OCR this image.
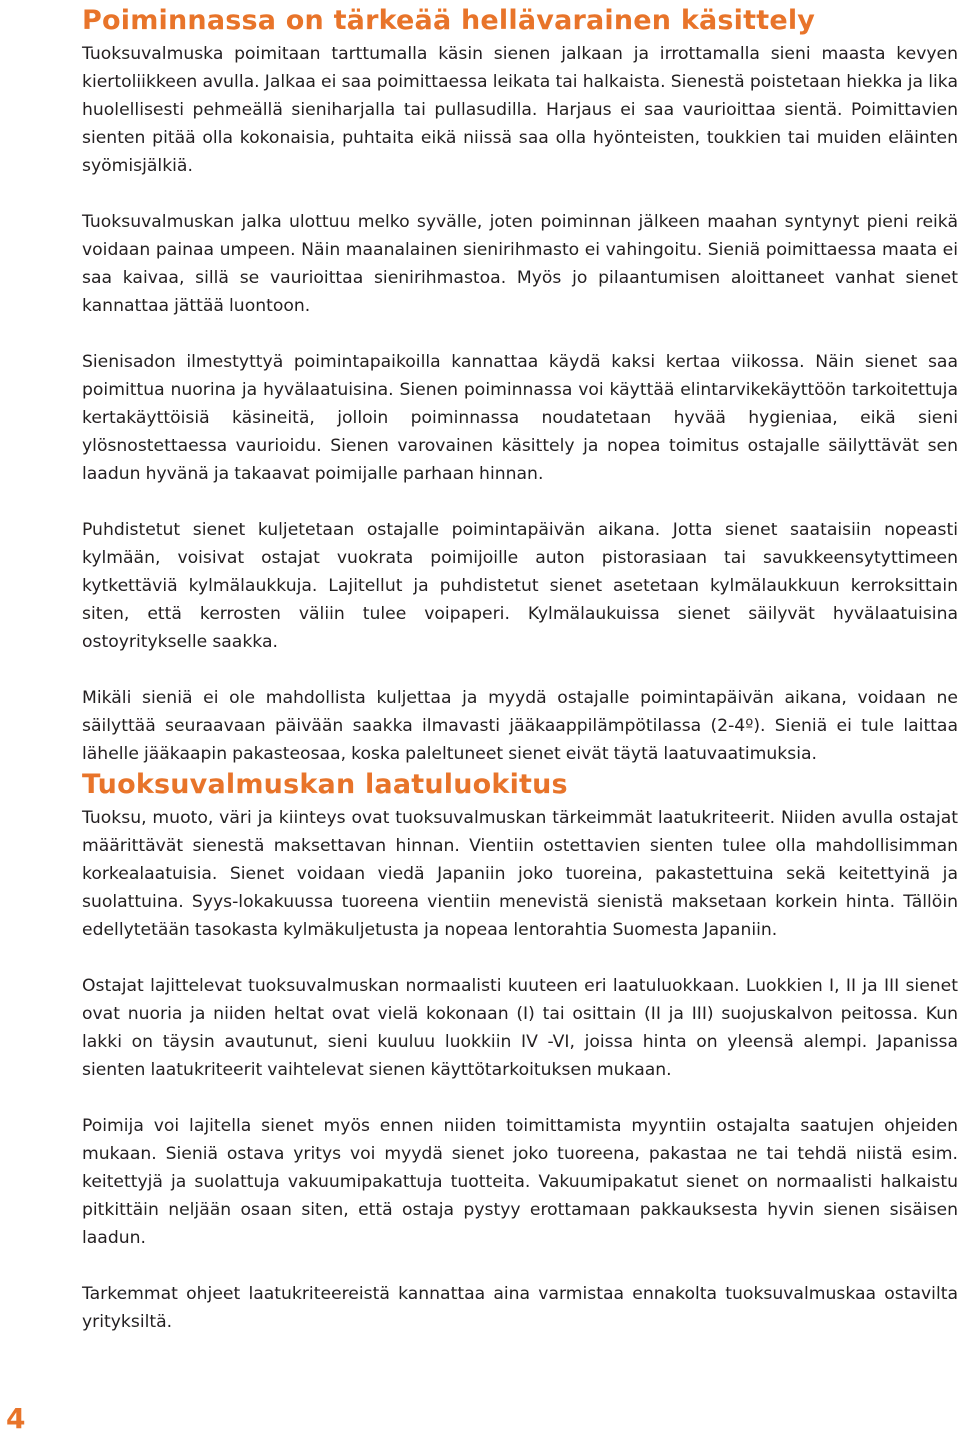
Poiminnassa on tärkeää hellävarainen käsittely

Tuoksuvalmuska poimitaan tarttumalla käsin sienen jalkaan ja irrottamalla sieni maasta kevyen kiertoliikkeen avulla. Jalkaa ei saa poimittaessa leikata tai halkaista. Sienestä poistetaan hiekka ja lika huolellisesti pehmeällä sieniharjalla tai pullasudilla. Harjaus ei saa vaurioittaa sientä. Poimittavien sienten pitää olla kokonaisia, puhtaita eikä niissä saa olla hyönteisten, toukkien tai muiden eläinten syömisjälkiä.

Tuoksuvalmuskan jalka ulottuu melko syvälle, joten poiminnan jälkeen maahan syntynyt pieni reikä voidaan painaa umpeen. Näin maanalainen sienirihmasto ei vahingoitu. Sieniä poimittaessa maata ei saa kaivaa, sillä se vaurioittaa sienirihmastoa. Myös jo pilaantumisen aloittaneet vanhat sienet kannattaa jättää luontoon.

Sienisadon ilmestyttyä poimintapaikoilla kannattaa käydä kaksi kertaa viikossa. Näin sienet saa poimittua nuorina ja hyvälaatuisina. Sienen poiminnassa voi käyttää elintarvikekäyttöön tarkoitettuja kertakäyttöisiä käsineitä, jolloin poiminnassa noudatetaan hyvää hygieniaa, eikä sieni ylösnostettaessa vaurioidu. Sienen varovainen käsittely ja nopea toimitus ostajalle säilyttävät sen laadun hyvänä ja takaavat poimijalle parhaan hinnan.

Puhdistetut sienet kuljetetaan ostajalle poimintapäivän aikana. Jotta sienet saataisiin nopeasti kylmään, voisivat ostajat vuokrata poimijoille auton pistorasiaan tai savukkeensytyttimeen kytkettäviä kylmälaukkuja. Lajitellut ja puhdistetut sienet asetetaan kylmälaukkuun kerroksittain siten, että kerrosten väliin tulee voipaperi. Kylmälaukuissa sienet säilyvät hyvälaatuisina ostoyritykselle saakka.

Mikäli sieniä ei ole mahdollista kuljettaa ja myydä ostajalle poimintapäivän aikana, voidaan ne säilyttää seuraavaan päivään saakka ilmavasti jääkaappilämpötilassa (2-4º). Sieniä ei tule laittaa lähelle jääkaapin pakasteosaa, koska paleltuneet sienet eivät täytä laatuvaatimuksia.

Tuoksuvalmuskan laatuluokitus

Tuoksu, muoto, väri ja kiinteys ovat tuoksuvalmuskan tärkeimmät laatukriteerit. Niiden avulla ostajat määrittävät sienestä maksettavan hinnan. Vientiin ostettavien sienten tulee olla mahdollisimman korkealaatuisia. Sienet voidaan viedä Japaniin joko tuoreina, pakastettuina sekä keitettyinä ja suolattuina. Syys-lokakuussa tuoreena vientiin menevistä sienistä maksetaan korkein hinta. Tällöin edellytetään tasokasta kylmäkuljetusta ja nopeaa lentorahtia Suomesta Japaniin.

Ostajat lajittelevat tuoksuvalmuskan normaalisti kuuteen eri laatuluokkaan. Luokkien I, II ja III sienet ovat nuoria ja niiden heltat ovat vielä kokonaan (I) tai osittain (II ja III) suojuskalvon peitossa. Kun lakki on täysin avautunut, sieni kuuluu luokkiin IV -VI, joissa hinta on yleensä alempi. Japanissa sienten laatukriteerit vaihtelevat sienen käyttötarkoituksen mukaan.

Poimija voi lajitella sienet myös ennen niiden toimittamista myyntiin ostajalta saatujen ohjeiden mukaan. Sieniä ostava yritys voi myydä sienet joko tuoreena, pakastaa ne tai tehdä niistä esim. keitettyjä ja suolattuja vakuumipakattuja tuotteita. Vakuumipakatut sienet on normaalisti halkaistu pitkittäin neljään osaan siten, että ostaja pystyy erottamaan pakkauksesta hyvin sienen sisäisen laadun.

Tarkemmat ohjeet laatukriteereistä kannattaa aina varmistaa ennakolta tuoksuvalmuskaa ostavilta yrityksiltä.

4
